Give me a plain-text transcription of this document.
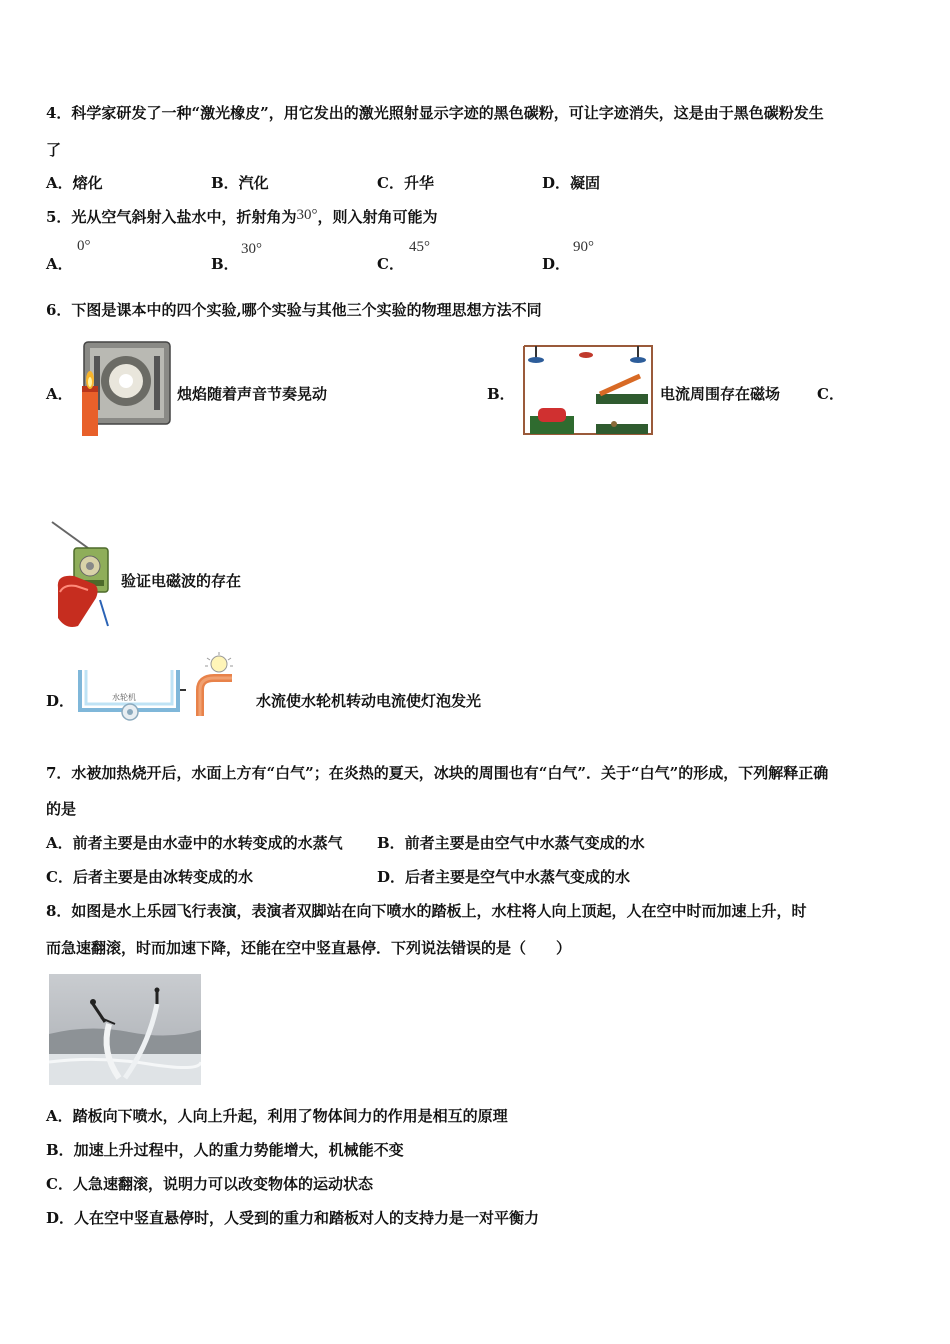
4．科学家研发了一种“激光橡皮”，用它发出的激光照射显示字迹的黑色碳粉，可让字迹消失，这是由于黑色碳粉发生
了
A．熔化	B．汽化	C．升华	D．凝固
5．光从空气斜射入盐水中，折射角为30°，则入射角可能为
A．
0°
B．
30°
C．
45°
D．
90°
6．下图是课本中的四个实验,哪个实验与其他三个实验的物理思想方法不同
A．	烛焰随着声音节奏晃动	B．	电流周围存在磁场 C．
验证电磁波的存在
D．	水轮机	水流使水轮机转动电流使灯泡发光
7．水被加热烧开后，水面上方有“白气”；在炎热的夏天，冰块的周围也有“白气”．关于“白气”的形成，下列解释正确
的是
A．前者主要是由水壶中的水转变成的水蒸气 B．前者主要是由空气中水蒸气变成的水
C．后者主要是由冰转变成的水	D．后者主要是空气中水蒸气变成的水
8．如图是水上乐园飞行表演，表演者双脚站在向下喷水的踏板上，水柱将人向上顶起，人在空中时而加速上升，时
而急速翻滚，时而加速下降，还能在空中竖直悬停．下列说法错误的是（　　）
A．踏板向下喷水，人向上升起，利用了物体间力的作用是相互的原理
B．加速上升过程中，人的重力势能增大，机械能不变
C．人急速翻滚，说明力可以改变物体的运动状态
D．人在空中竖直悬停时，人受到的重力和踏板对人的支持力是一对平衡力
